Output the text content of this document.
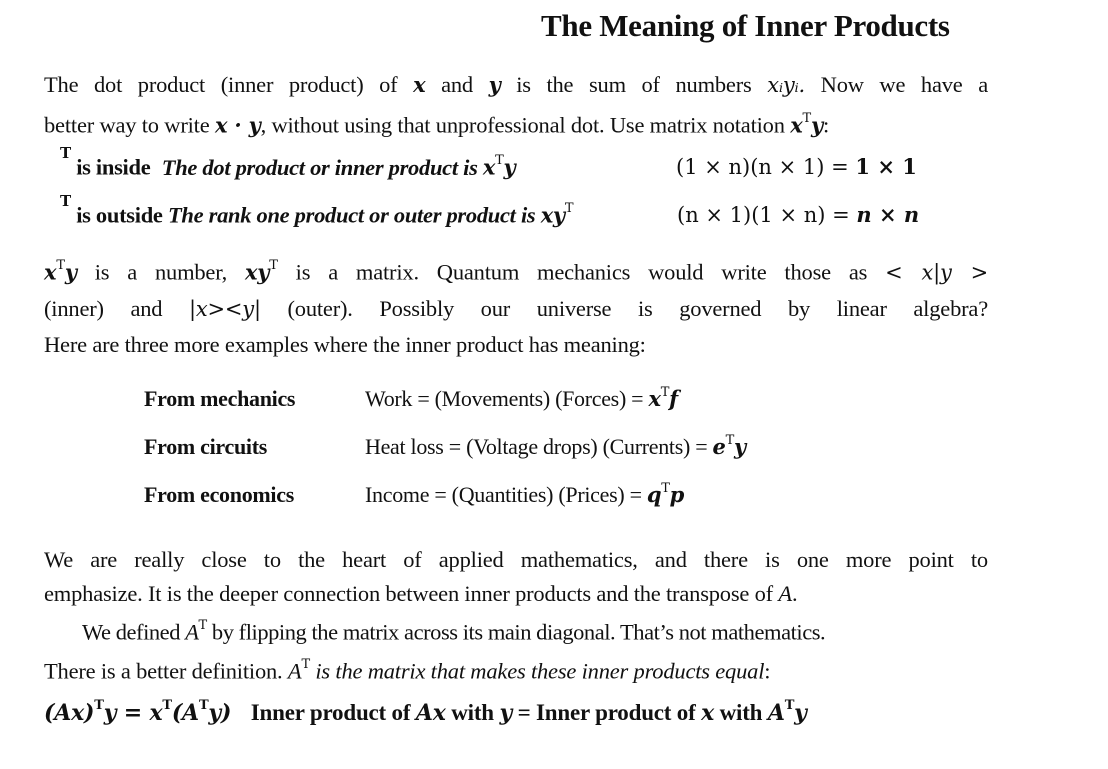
The Meaning of Inner Products
The dot product (inner product) of x and y is the sum of numbers xᵢyᵢ. Now we have a
better way to write x · y, without using that unprofessional dot. Use matrix notation $x^Ty$:
$^T$ is inside The dot product or inner product is $x^Ty$	(1 × n)(n × 1) = 1 × 1
$^T$ is outside The rank one product or outer product is $xy^T$	(n × 1)(1 × n) = n × n
$x^Ty$ is a number, $xy^T$ is a matrix. Quantum mechanics would write those as < x|y >
(inner) and |x><y| (outer). Possibly our universe is governed by linear algebra?
Here are three more examples where the inner product has meaning:
From mechanics	Work = (Movements) (Forces) = $x^Tf$
From circuits	Heat loss = (Voltage drops) (Currents) = $e^Ty$
From economics	Income = (Quantities) (Prices) = $q^Tp$
We are really close to the heart of applied mathematics, and there is one more point to
emphasize. It is the deeper connection between inner products and the transpose of A.
We defined $A^T$ by flipping the matrix across its main diagonal. That’s not mathematics.
There is a better definition. $A^T$ is the matrix that makes these inner products equal:
$(Ax)^Ty = x^T(A^Ty)$ Inner product of Ax with y = Inner product of x with $A^Ty$
